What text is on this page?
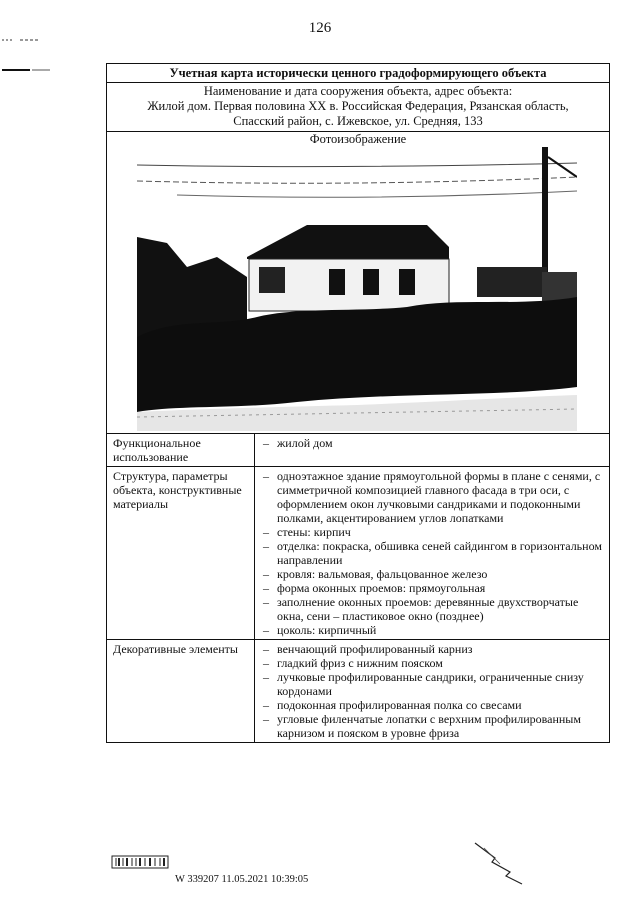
126
Учетная карта исторически ценного градоформирующего объекта
Наименование и дата сооружения объекта, адрес объекта:
Жилой дом. Первая половина XX в. Российская Федерация, Рязанская область,
Спасский район, с. Ижевское, ул. Средняя, 133
Фотоизображение
Функциональное использование
– жилой дом
Структура, параметры объекта, конструктивные материалы
– одноэтажное здание прямоугольной формы в плане с сенями, с симметричной композицией главного фасада в три оси, с оформлением окон лучковыми сандриками и подоконными полками, акцентированием углов лопатками
– стены: кирпич
– отделка: покраска, обшивка сеней сайдингом в горизонтальном направлении
– кровля: вальмовая, фальцованное железо
– форма оконных проемов: прямоугольная
– заполнение оконных проемов: деревянные двухстворчатые окна, сени – пластиковое окно (позднее)
– цоколь: кирпичный
Декоративные элементы	– венчающий профилированный карниз
– гладкий фриз с нижним пояском
– лучковые профилированные сандрики, ограниченные снизу кордонами
– подоконная профилированная полка со свесами
– угловые филенчатые лопатки с верхним профилированным карнизом и пояском в уровне фриза
W 339207 11.05.2021 10:39:05
